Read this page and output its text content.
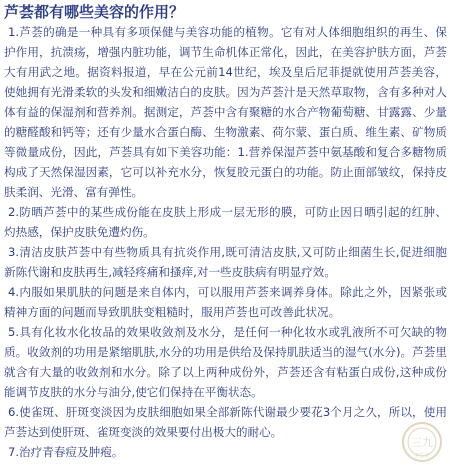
芦荟都有哪些美容的作用？

1.芦荟的确是一种具有多项保健与美容功能的植物。它有对人体细胞组织的再生、保护作用，抗溃疡，增强内脏功能，调节生命机体正常化，因此，在美容护肤方面，芦荟大有用武之地。据资料报道，早在公元前14世纪，埃及皇后尼菲提就使用芦荟美容，使她拥有光滑柔软的头发和细嫩洁白的皮肤。因为芦荟汁是天然草取物，含有多种对人体有益的保湿剂和营养剂。据测定，芦荟中含有聚糖的水合产物葡萄糖、甘露露、少量的糖醛酸和钙等；还有少量水合蛋白酶、生物激素、荷尔蒙、蛋白质、维生素、矿物质等微量成份，因此，芦荟具有如下美容功能：1.营养保湿芦荟中氨基酸和复合多糖物质构成了天然保湿因素，它可以补充水分，恢复胶元蛋白的功能。防止面部皱纹，保持皮肤柔润、光滑、富有弹性。

2.防晒芦荟中的某些成份能在皮肤上形成一层无形的膜，可防止因日晒引起的红肿、灼热感，保护皮肤免遭灼伤。

3.清洁皮肤芦荟中有些物质具有抗炎作用,既可清洁皮肤,又可防止细菌生长,促进细胞新陈代谢和皮肤再生,减轻疼痛和搔痒,对一些皮肤病有明显疗效。

4.内服如果肌肤的问题是来自体内，可以服用芦荟来调养身体。除此之外，因紧张或精神方面的问题而导致肌肤变粗糙时，服用芦荟也可改善此状况。

5.具有化妆水化妆品的效果收敛剂及水分，是任何一种化妆水或乳液所不可欠缺的物质。收敛剂的功用是紧缩肌肤,水分的功用是供给及保持肌肤适当的湿气(水分)。芦荟里就含有大量的收敛剂和水分。除了以上两种成份外，芦荟还含有粘蛋白成份,这种成份能调节皮肤的水分与油分,使它们保持在平衡状态。

6.使雀斑、肝斑变淡因为皮肤细胞如果全部新陈代谢最少要花3个月之久，所以，使用芦荟达到使肝斑、雀斑变淡的效果要付出极大的耐心。

7.治疗青春痘及肿疱。

三九
养生堂
